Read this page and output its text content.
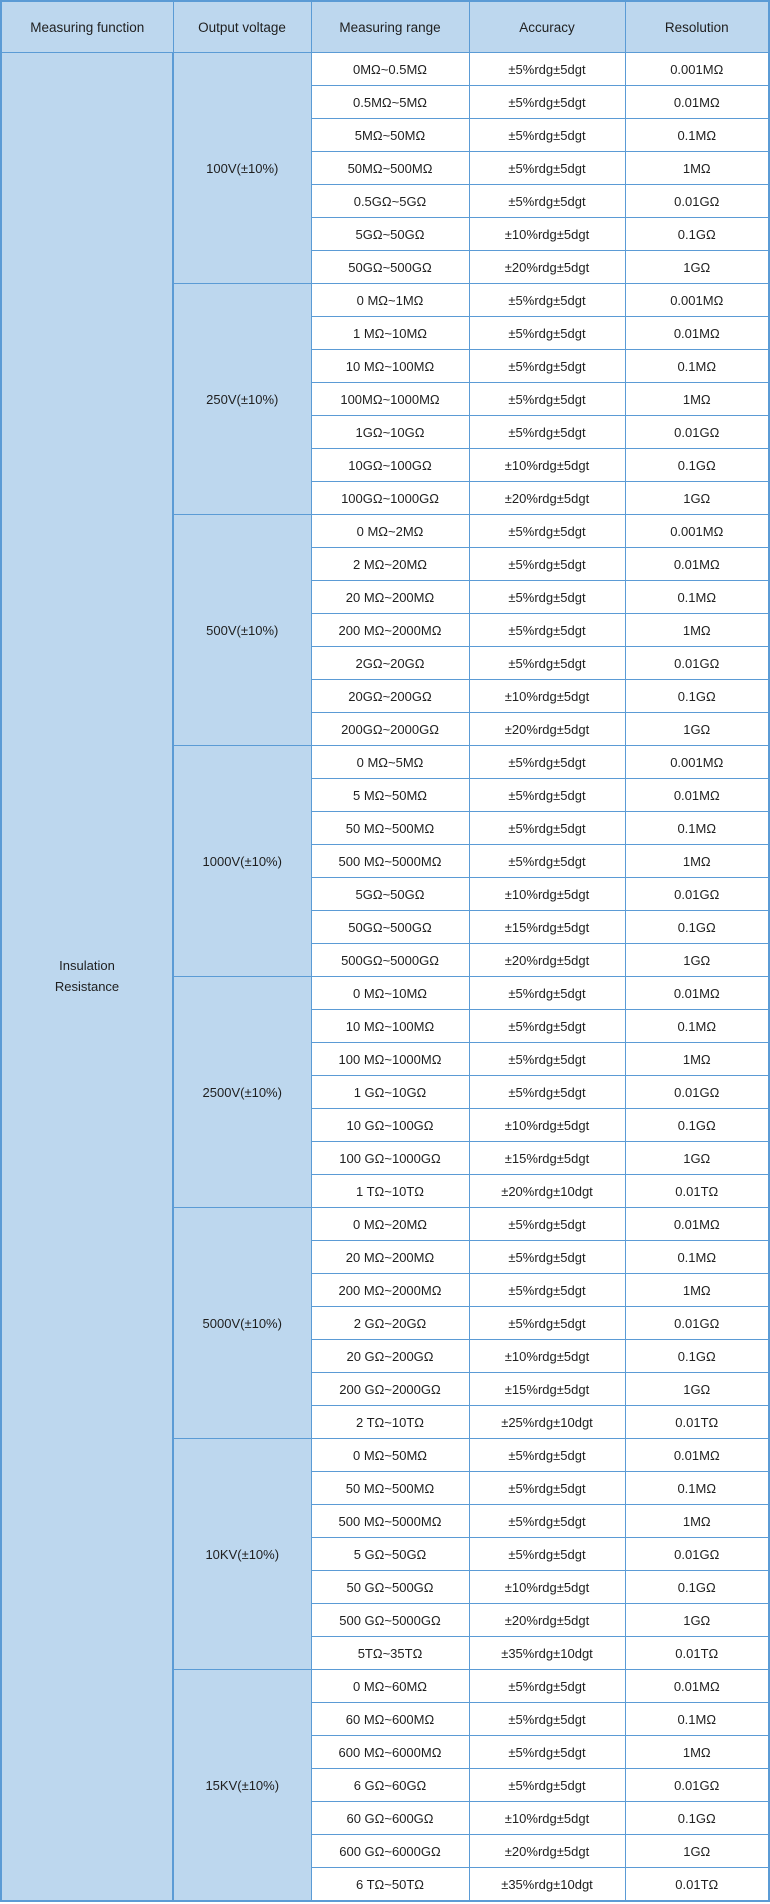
Measuring function	Output voltage	Measuring range	Accuracy	Resolution

Insulation
Resistance	100V(±10%)	0MΩ~0.5MΩ	±5%rdg±5dgt	0.001MΩ
		0.5MΩ~5MΩ	±5%rdg±5dgt	0.01MΩ
		5MΩ~50MΩ	±5%rdg±5dgt	0.1MΩ
		50MΩ~500MΩ	±5%rdg±5dgt	1MΩ
		0.5GΩ~5GΩ	±5%rdg±5dgt	0.01GΩ
		5GΩ~50GΩ	±10%rdg±5dgt	0.1GΩ
		50GΩ~500GΩ	±20%rdg±5dgt	1GΩ
	250V(±10%)	0 MΩ~1MΩ	±5%rdg±5dgt	0.001MΩ
		1 MΩ~10MΩ	±5%rdg±5dgt	0.01MΩ
		10 MΩ~100MΩ	±5%rdg±5dgt	0.1MΩ
		100MΩ~1000MΩ	±5%rdg±5dgt	1MΩ
		1GΩ~10GΩ	±5%rdg±5dgt	0.01GΩ
		10GΩ~100GΩ	±10%rdg±5dgt	0.1GΩ
		100GΩ~1000GΩ	±20%rdg±5dgt	1GΩ
	500V(±10%)	0 MΩ~2MΩ	±5%rdg±5dgt	0.001MΩ
		2 MΩ~20MΩ	±5%rdg±5dgt	0.01MΩ
		20 MΩ~200MΩ	±5%rdg±5dgt	0.1MΩ
		200 MΩ~2000MΩ	±5%rdg±5dgt	1MΩ
		2GΩ~20GΩ	±5%rdg±5dgt	0.01GΩ
		20GΩ~200GΩ	±10%rdg±5dgt	0.1GΩ
		200GΩ~2000GΩ	±20%rdg±5dgt	1GΩ
	1000V(±10%)	0 MΩ~5MΩ	±5%rdg±5dgt	0.001MΩ
		5 MΩ~50MΩ	±5%rdg±5dgt	0.01MΩ
		50 MΩ~500MΩ	±5%rdg±5dgt	0.1MΩ
		500 MΩ~5000MΩ	±5%rdg±5dgt	1MΩ
		5GΩ~50GΩ	±10%rdg±5dgt	0.01GΩ
		50GΩ~500GΩ	±15%rdg±5dgt	0.1GΩ
		500GΩ~5000GΩ	±20%rdg±5dgt	1GΩ
	2500V(±10%)	0 MΩ~10MΩ	±5%rdg±5dgt	0.01MΩ
		10 MΩ~100MΩ	±5%rdg±5dgt	0.1MΩ
		100 MΩ~1000MΩ	±5%rdg±5dgt	1MΩ
		1 GΩ~10GΩ	±5%rdg±5dgt	0.01GΩ
		10 GΩ~100GΩ	±10%rdg±5dgt	0.1GΩ
		100 GΩ~1000GΩ	±15%rdg±5dgt	1GΩ
		1 TΩ~10TΩ	±20%rdg±10dgt	0.01TΩ
	5000V(±10%)	0 MΩ~20MΩ	±5%rdg±5dgt	0.01MΩ
		20 MΩ~200MΩ	±5%rdg±5dgt	0.1MΩ
		200 MΩ~2000MΩ	±5%rdg±5dgt	1MΩ
		2 GΩ~20GΩ	±5%rdg±5dgt	0.01GΩ
		20 GΩ~200GΩ	±10%rdg±5dgt	0.1GΩ
		200 GΩ~2000GΩ	±15%rdg±5dgt	1GΩ
		2 TΩ~10TΩ	±25%rdg±10dgt	0.01TΩ
	10KV(±10%)	0 MΩ~50MΩ	±5%rdg±5dgt	0.01MΩ
		50 MΩ~500MΩ	±5%rdg±5dgt	0.1MΩ
		500 MΩ~5000MΩ	±5%rdg±5dgt	1MΩ
		5 GΩ~50GΩ	±5%rdg±5dgt	0.01GΩ
		50 GΩ~500GΩ	±10%rdg±5dgt	0.1GΩ
		500 GΩ~5000GΩ	±20%rdg±5dgt	1GΩ
		5TΩ~35TΩ	±35%rdg±10dgt	0.01TΩ
	15KV(±10%)	0 MΩ~60MΩ	±5%rdg±5dgt	0.01MΩ
		60 MΩ~600MΩ	±5%rdg±5dgt	0.1MΩ
		600 MΩ~6000MΩ	±5%rdg±5dgt	1MΩ
		6 GΩ~60GΩ	±5%rdg±5dgt	0.01GΩ
		60 GΩ~600GΩ	±10%rdg±5dgt	0.1GΩ
		600 GΩ~6000GΩ	±20%rdg±5dgt	1GΩ
		6 TΩ~50TΩ	±35%rdg±10dgt	0.01TΩ
